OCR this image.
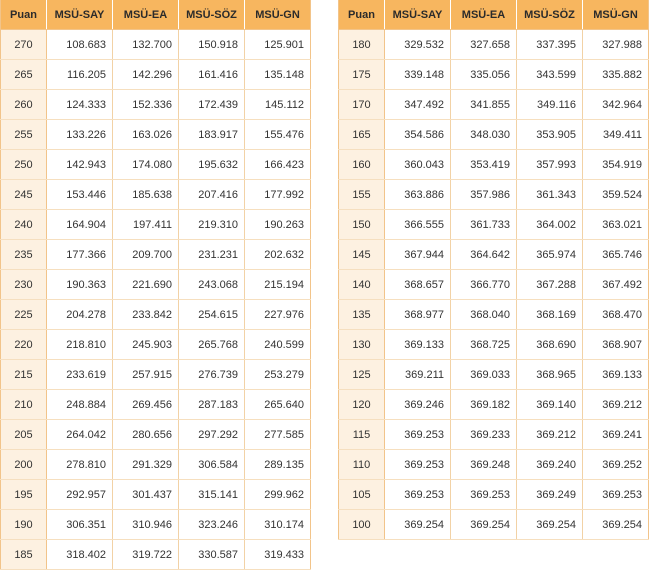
Puan	MSÜ-SAY	MSÜ-EA	MSÜ-SÖZ	MSÜ-GN
270	108.683	132.700	150.918	125.901
265	116.205	142.296	161.416	135.148
260	124.333	152.336	172.439	145.112
255	133.226	163.026	183.917	155.476
250	142.943	174.080	195.632	166.423
245	153.446	185.638	207.416	177.992
240	164.904	197.411	219.310	190.263
235	177.366	209.700	231.231	202.632
230	190.363	221.690	243.068	215.194
225	204.278	233.842	254.615	227.976
220	218.810	245.903	265.768	240.599
215	233.619	257.915	276.739	253.279
210	248.884	269.456	287.183	265.640
205	264.042	280.656	297.292	277.585
200	278.810	291.329	306.584	289.135
195	292.957	301.437	315.141	299.962
190	306.351	310.946	323.246	310.174
185	318.402	319.722	330.587	319.433
Puan	MSÜ-SAY	MSÜ-EA	MSÜ-SÖZ	MSÜ-GN
180	329.532	327.658	337.395	327.988
175	339.148	335.056	343.599	335.882
170	347.492	341.855	349.116	342.964
165	354.586	348.030	353.905	349.411
160	360.043	353.419	357.993	354.919
155	363.886	357.986	361.343	359.524
150	366.555	361.733	364.002	363.021
145	367.944	364.642	365.974	365.746
140	368.657	366.770	367.288	367.492
135	368.977	368.040	368.169	368.470
130	369.133	368.725	368.690	368.907
125	369.211	369.033	368.965	369.133
120	369.246	369.182	369.140	369.212
115	369.253	369.233	369.212	369.241
110	369.253	369.248	369.240	369.252
105	369.253	369.253	369.249	369.253
100	369.254	369.254	369.254	369.254
